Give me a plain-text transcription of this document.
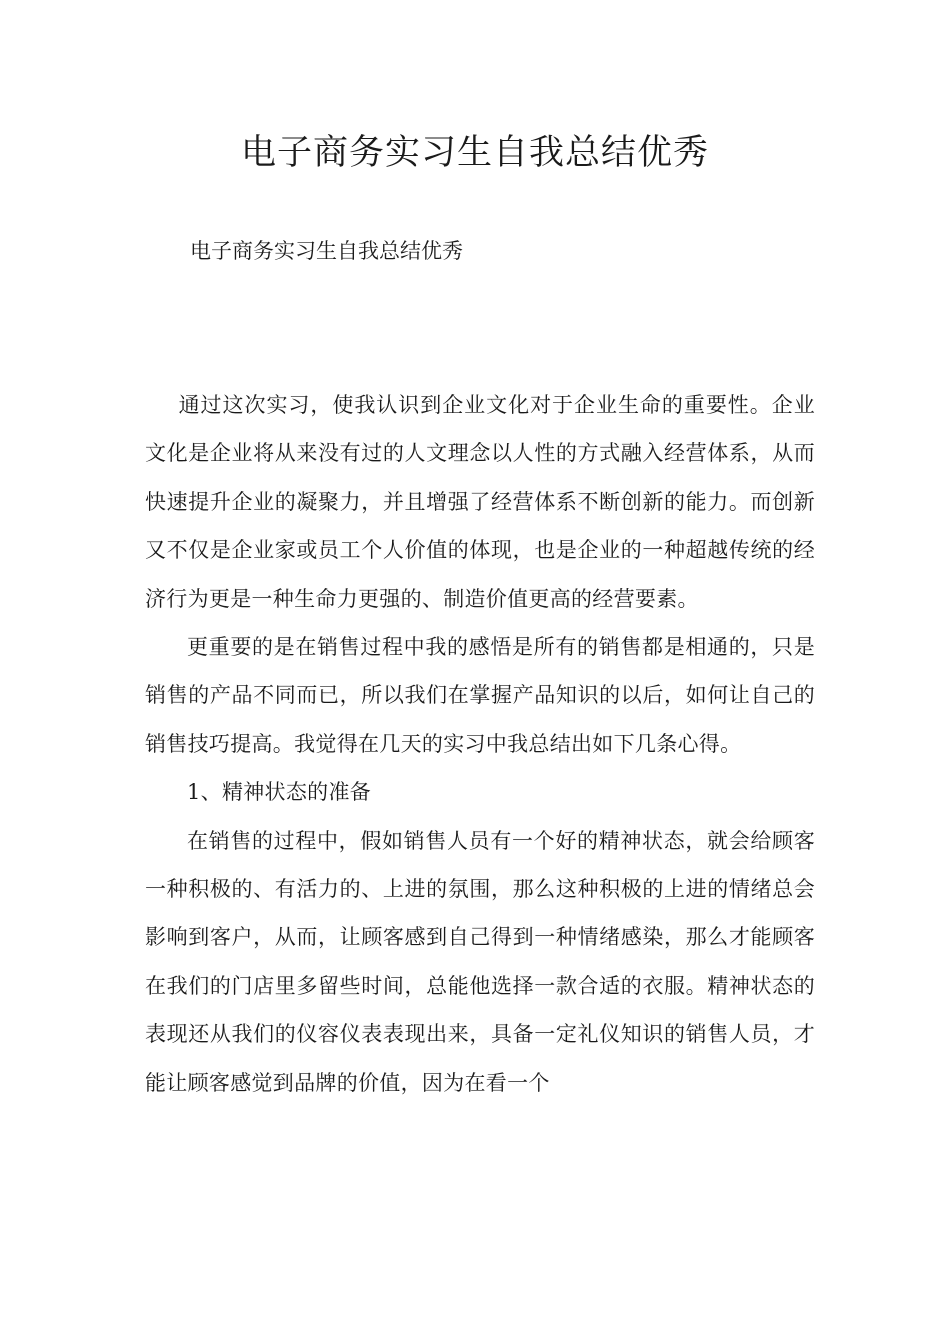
电子商务实习生自我总结优秀

电子商务实习生自我总结优秀

通过这次实习，使我认识到企业文化对于企业生命的重要性。企业文化是企业将从来没有过的人文理念以人性的方式融入经营体系，从而快速提升企业的凝聚力，并且增强了经营体系不断创新的能力。而创新又不仅是企业家或员工个人价值的体现，也是企业的一种超越传统的经济行为更是一种生命力更强的、制造价值更高的经营要素。

更重要的是在销售过程中我的感悟是所有的销售都是相通的，只是销售的产品不同而已，所以我们在掌握产品知识的以后，如何让自己的销售技巧提高。我觉得在几天的实习中我总结出如下几条心得。

1、精神状态的准备

在销售的过程中，假如销售人员有一个好的精神状态，就会给顾客一种积极的、有活力的、上进的氛围，那么这种积极的上进的情绪总会影响到客户，从而，让顾客感到自己得到一种情绪感染，那么才能顾客在我们的门店里多留些时间，总能他选择一款合适的衣服。精神状态的表现还从我们的仪容仪表表现出来，具备一定礼仪知识的销售人员，才能让顾客感觉到品牌的价值，因为在看一个
